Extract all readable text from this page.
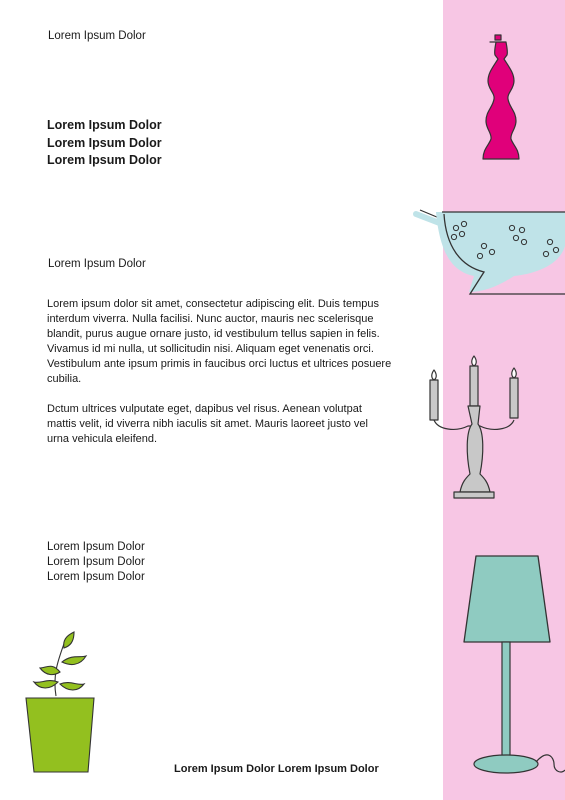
Lorem Ipsum Dolor

Lorem Ipsum Dolor
Lorem Ipsum Dolor
Lorem Ipsum Dolor

Lorem Ipsum Dolor

Lorem ipsum dolor sit amet, consectetur adipiscing elit. Duis tempus interdum viverra. Nulla facilisi. Nunc auctor, mauris nec scelerisque blandit, purus augue ornare justo, id vestibulum tellus sapien in felis. Vivamus id mi nulla, ut sollicitudin nisi. Aliquam eget venenatis orci. Vestibulum ante ipsum primis in faucibus orci luctus et ultrices posuere cubilia.

Dctum ultrices vulputate eget, dapibus vel risus. Aenean volutpat mattis velit, id viverra nibh iaculis sit amet. Mauris laoreet justo vel urna vehicula eleifend.

Lorem Ipsum Dolor
Lorem Ipsum Dolor
Lorem Ipsum Dolor

Lorem Ipsum Dolor Lorem Ipsum Dolor
